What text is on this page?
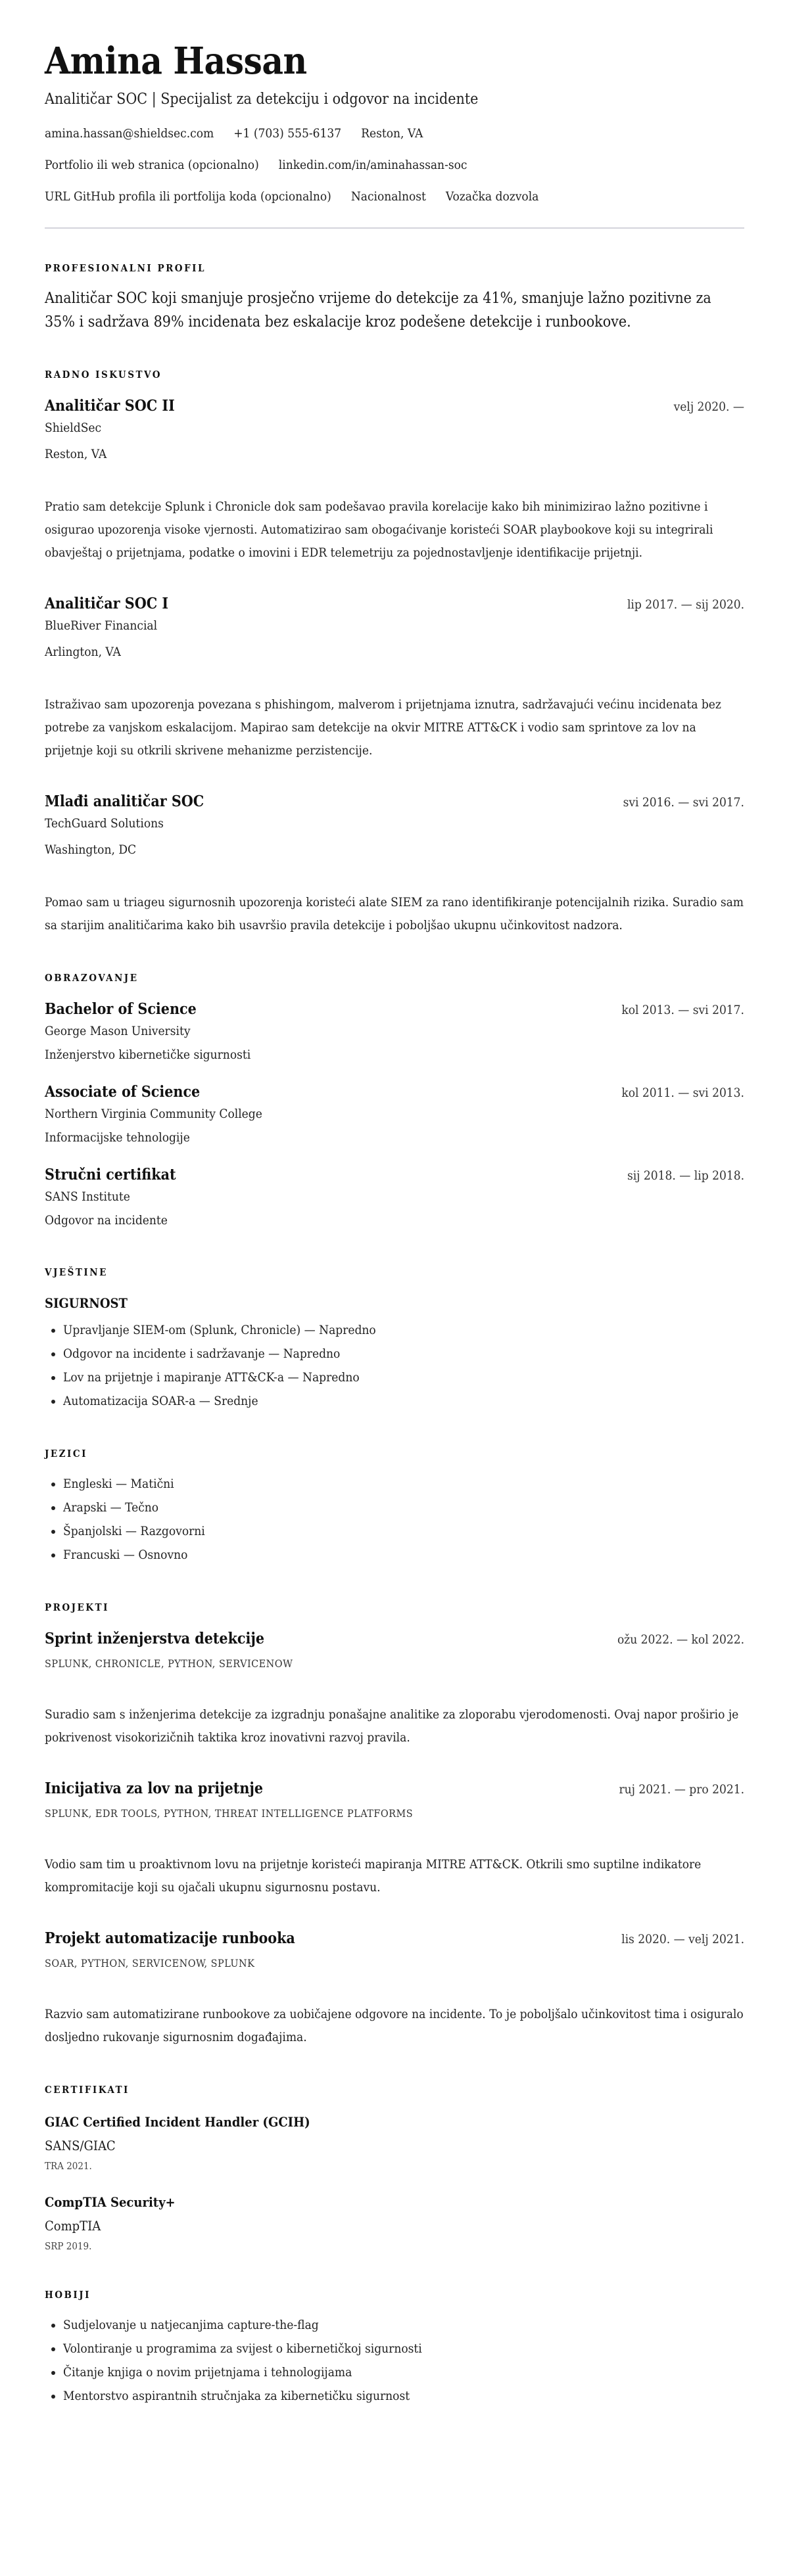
Amina Hassan
Analitičar SOC | Specijalist za detekciju i odgovor na incidente
amina.hassan@shieldsec.com +1 (703) 555-6137 Reston, VA
Portfolio ili web stranica (opcionalno) linkedin.com/in/aminahassan-soc
URL GitHub profila ili portfolija koda (opcionalno) Nacionalnost Vozačka dozvola
PROFESIONALNI PROFIL
Analitičar SOC koji smanjuje prosječno vrijeme do detekcije za 41%, smanjuje lažno pozitivne za 35% i sadržava 89% incidenata bez eskalacije kroz podešene detekcije i runbookove.
RADNO ISKUSTVO
Analitičar SOC II	velj 2020. —
ShieldSec
Reston, VA
Pratio sam detekcije Splunk i Chronicle dok sam podešavao pravila korelacije kako bih minimizirao lažno pozitivne i osigurao upozorenja visoke vjernosti. Automatizirao sam obogaćivanje koristeći SOAR playbookove koji su integrirali obavještaj o prijetnjama, podatke o imovini i EDR telemetriju za pojednostavljenje identifikacije prijetnji.
Analitičar SOC I	lip 2017. — sij 2020.
BlueRiver Financial
Arlington, VA
Istraživao sam upozorenja povezana s phishingom, malverom i prijetnjama iznutra, sadržavajući većinu incidenata bez potrebe za vanjskom eskalacijom. Mapirao sam detekcije na okvir MITRE ATT&CK i vodio sam sprintove za lov na prijetnje koji su otkrili skrivene mehanizme perzistencije.
Mlađi analitičar SOC	svi 2016. — svi 2017.
TechGuard Solutions
Washington, DC
Pomao sam u triageu sigurnosnih upozorenja koristeći alate SIEM za rano identifikiranje potencijalnih rizika. Suradio sam sa starijim analitičarima kako bih usavršio pravila detekcije i poboljšao ukupnu učinkovitost nadzora.
OBRAZOVANJE
Bachelor of Science	kol 2013. — svi 2017.
George Mason University
Inženjerstvo kibernetičke sigurnosti
Associate of Science	kol 2011. — svi 2013.
Northern Virginia Community College
Informacijske tehnologije
Stručni certifikat	sij 2018. — lip 2018.
SANS Institute
Odgovor na incidente
VJEŠTINE
SIGURNOST
• Upravljanje SIEM-om (Splunk, Chronicle) — Napredno
• Odgovor na incidente i sadržavanje — Napredno
• Lov na prijetnje i mapiranje ATT&CK-a — Napredno
• Automatizacija SOAR-a — Srednje
JEZICI
• Engleski — Matični
• Arapski — Tečno
• Španjolski — Razgovorni
• Francuski — Osnovno
PROJEKTI
Sprint inženjerstva detekcije	ožu 2022. — kol 2022.
SPLUNK, CHRONICLE, PYTHON, SERVICENOW
Suradio sam s inženjerima detekcije za izgradnju ponašajne analitike za zloporabu vjerodomenosti. Ovaj napor proširio je pokrivenost visokorizičnih taktika kroz inovativni razvoj pravila.
Inicijativa za lov na prijetnje	ruj 2021. — pro 2021.
SPLUNK, EDR TOOLS, PYTHON, THREAT INTELLIGENCE PLATFORMS
Vodio sam tim u proaktivnom lovu na prijetnje koristeći mapiranja MITRE ATT&CK. Otkrili smo suptilne indikatore kompromitacije koji su ojačali ukupnu sigurnosnu postavu.
Projekt automatizacije runbooka	lis 2020. — velj 2021.
SOAR, PYTHON, SERVICENOW, SPLUNK
Razvio sam automatizirane runbookove za uobičajene odgovore na incidente. To je poboljšalo učinkovitost tima i osiguralo dosljedno rukovanje sigurnosnim događajima.
CERTIFIKATI
GIAC Certified Incident Handler (GCIH)
SANS/GIAC
TRA 2021.
CompTIA Security+
CompTIA
SRP 2019.
HOBIJI
• Sudjelovanje u natjecanjima capture-the-flag
• Volontiranje u programima za svijest o kibernetičkoj sigurnosti
• Čitanje knjiga o novim prijetnjama i tehnologijama
• Mentorstvo aspirantnih stručnjaka za kibernetičku sigurnost
